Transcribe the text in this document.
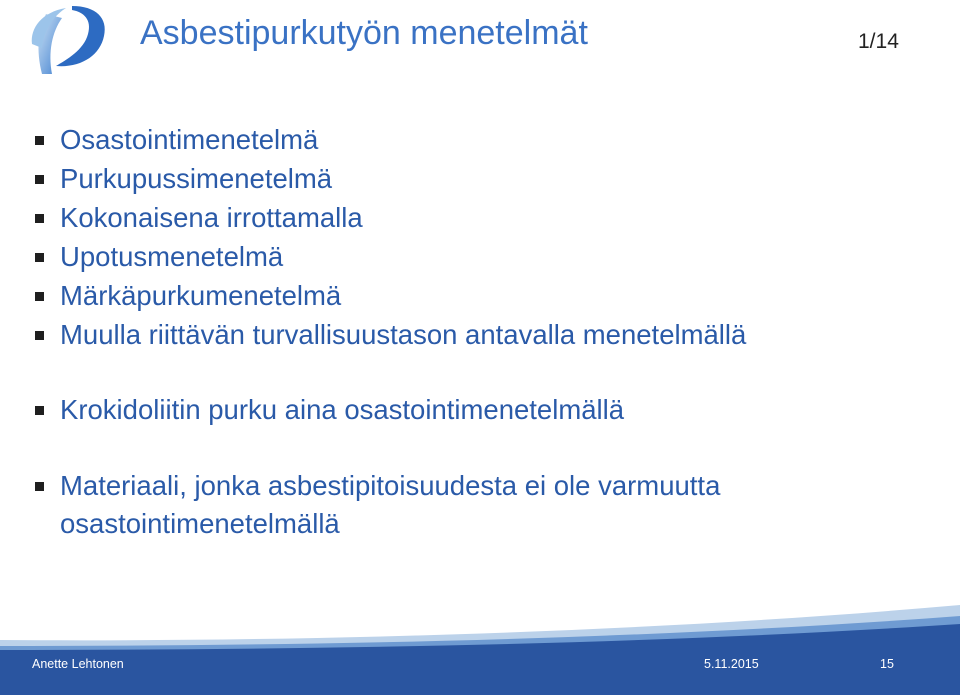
Asbestipurkutyön menetelmät	1/14
Osastointimenetelmä
Purkupussimenetelmä
Kokonaisena irrottamalla
Upotusmenetelmä
Märkäpurkumenetelmä
Muulla riittävän turvallisuustason antavalla menetelmällä
Krokidoliitin purku aina osastointimenetelmällä
Materiaali, jonka asbestipitoisuudesta ei ole varmuutta osastointimenetelmällä
Anette Lehtonen	5.11.2015	15
